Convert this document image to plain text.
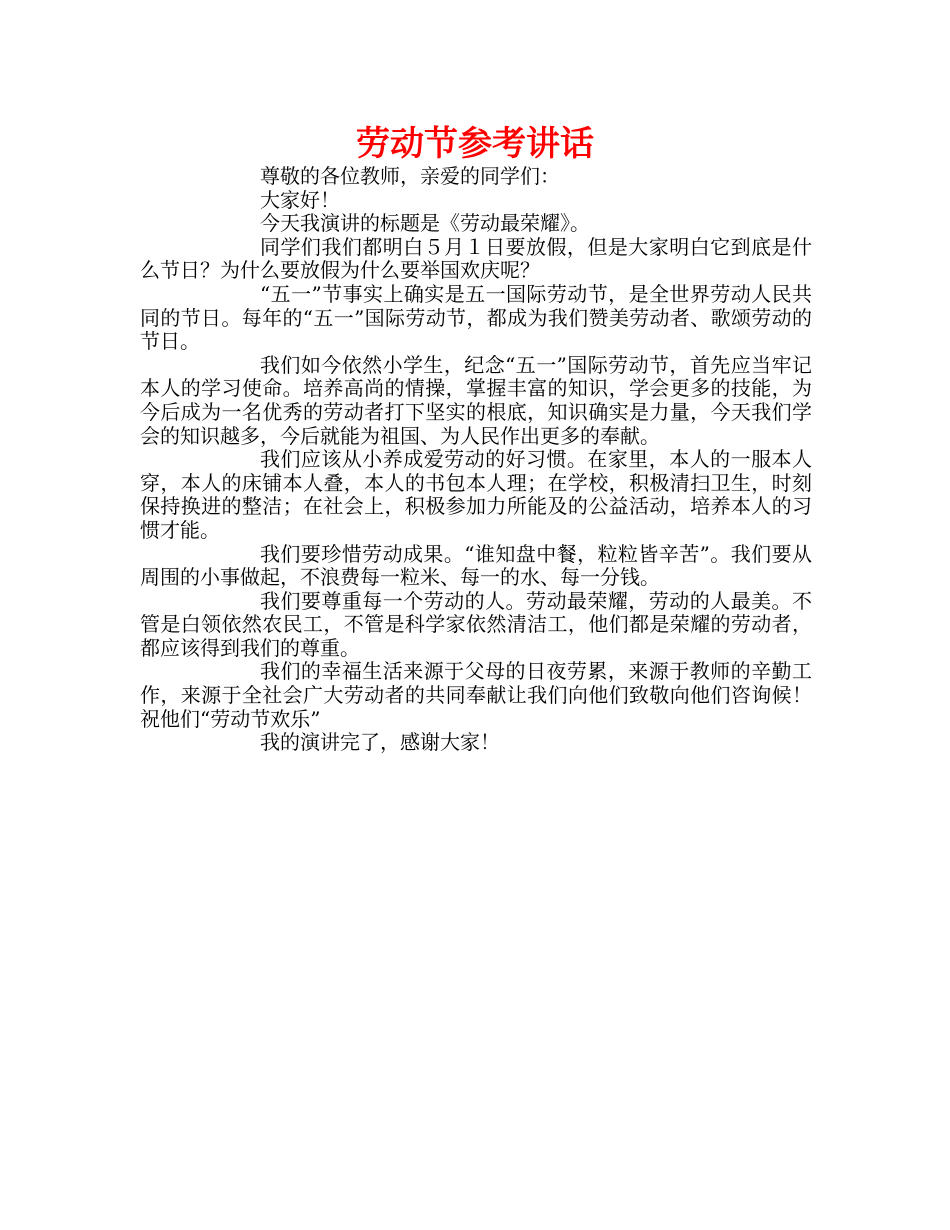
劳动节参考讲话

尊敬的各位教师，亲爱的同学们：

大家好！

今天我演讲的标题是《劳动最荣耀》。

同学们我们都明白５月１日要放假，但是大家明白它到底是什么节日？为什么要放假为什么要举国欢庆呢？

“五一”节事实上确实是五一国际劳动节，是全世界劳动人民共同的节日。每年的“五一”国际劳动节，都成为我们赞美劳动者、歌颂劳动的节日。

我们如今依然小学生，纪念“五一”国际劳动节，首先应当牢记本人的学习使命。培养高尚的情操，掌握丰富的知识，学会更多的技能，为今后成为一名优秀的劳动者打下坚实的根底，知识确实是力量，今天我们学会的知识越多，今后就能为祖国、为人民作出更多的奉献。

我们应该从小养成爱劳动的好习惯。在家里，本人的一服本人穿，本人的床铺本人叠，本人的书包本人理；在学校，积极清扫卫生，时刻保持换进的整洁；在社会上，积极参加力所能及的公益活动，培养本人的习惯才能。

我们要珍惜劳动成果。“谁知盘中餐，粒粒皆辛苦”。我们要从周围的小事做起，不浪费每一粒米、每一的水、每一分钱。

我们要尊重每一个劳动的人。劳动最荣耀，劳动的人最美。不管是白领依然农民工，不管是科学家依然清洁工，他们都是荣耀的劳动者，都应该得到我们的尊重。

我们的幸福生活来源于父母的日夜劳累，来源于教师的辛勤工作，来源于全社会广大劳动者的共同奉献让我们向他们致敬向他们咨询候！祝他们“劳动节欢乐”

我的演讲完了，感谢大家！
